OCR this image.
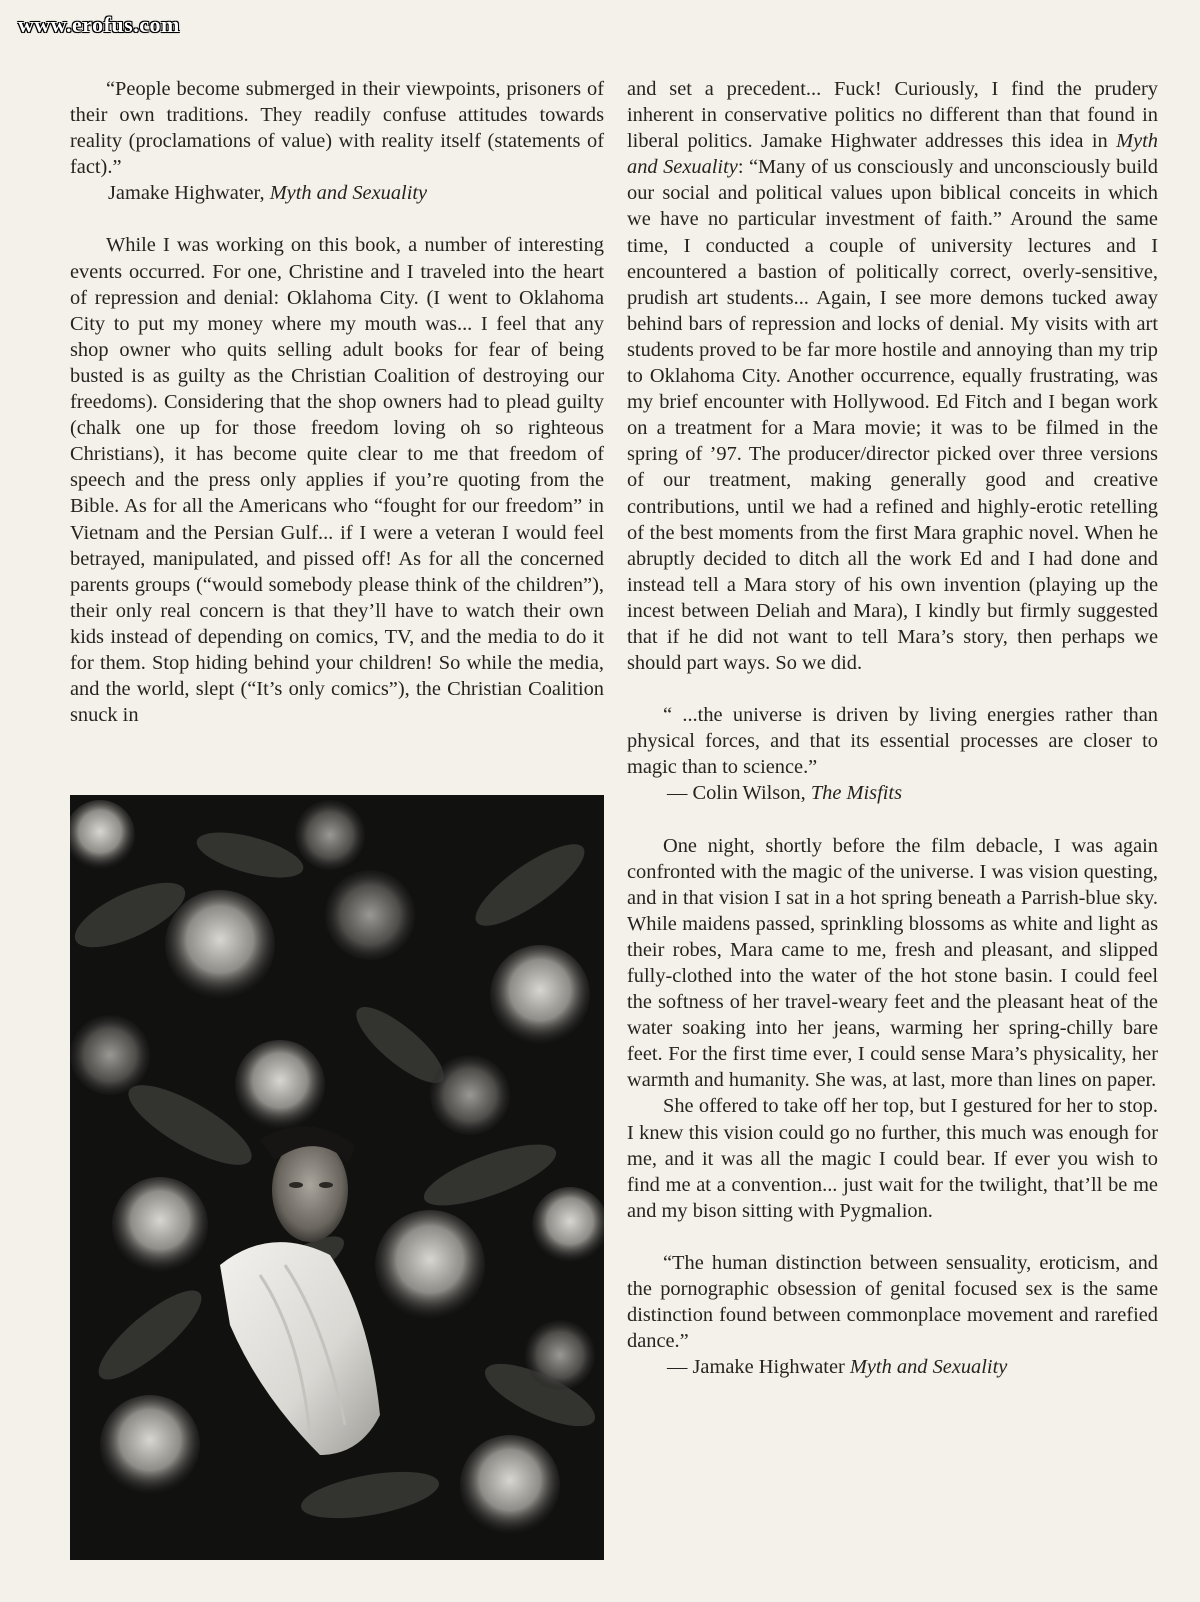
www.erofus.com

“People become submerged in their viewpoints, prisoners of their own traditions. They readily confuse attitudes towards reality (proclamations of value) with reality itself (statements of fact).”

Jamake Highwater, Myth and Sexuality

While I was working on this book, a number of interesting events occurred. For one, Christine and I traveled into the heart of repression and denial: Oklahoma City. (I went to Oklahoma City to put my money where my mouth was... I feel that any shop owner who quits selling adult books for fear of being busted is as guilty as the Christian Coalition of destroying our freedoms). Considering that the shop owners had to plead guilty (chalk one up for those freedom loving oh so righteous Christians), it has become quite clear to me that freedom of speech and the press only applies if you’re quoting from the Bible. As for all the Americans who “fought for our freedom” in Vietnam and the Persian Gulf... if I were a veteran I would feel betrayed, manipulated, and pissed off! As for all the concerned parents groups (“would somebody please think of the children”), their only real concern is that they’ll have to watch their own kids instead of depending on comics, TV, and the media to do it for them. Stop hiding behind your children! So while the media, and the world, slept (“It’s only comics”), the Christian Coalition snuck in

and set a precedent... Fuck! Curiously, I find the prudery inherent in conservative politics no different than that found in liberal politics. Jamake Highwater addresses this idea in Myth and Sexuality: “Many of us consciously and unconsciously build our social and political values upon biblical conceits in which we have no particular investment of faith.” Around the same time, I conducted a couple of university lectures and I encountered a bastion of politically correct, overly-sensitive, prudish art students... Again, I see more demons tucked away behind bars of repression and locks of denial. My visits with art students proved to be far more hostile and annoying than my trip to Oklahoma City. Another occurrence, equally frustrating, was my brief encounter with Hollywood. Ed Fitch and I began work on a treatment for a Mara movie; it was to be filmed in the spring of ’97. The producer/director picked over three versions of our treatment, making generally good and creative contributions, until we had a refined and highly-erotic retelling of the best moments from the first Mara graphic novel. When he abruptly decided to ditch all the work Ed and I had done and instead tell a Mara story of his own invention (playing up the incest between Deliah and Mara), I kindly but firmly suggested that if he did not want to tell Mara’s story, then perhaps we should part ways. So we did.

“ ...the universe is driven by living energies rather than physical forces, and that its essential processes are closer to magic than to science.”

— Colin Wilson, The Misfits

One night, shortly before the film debacle, I was again confronted with the magic of the universe. I was vision questing, and in that vision I sat in a hot spring beneath a Parrish-blue sky. While maidens passed, sprinkling blossoms as white and light as their robes, Mara came to me, fresh and pleasant, and slipped fully-clothed into the water of the hot stone basin. I could feel the softness of her travel-weary feet and the pleasant heat of the water soaking into her jeans, warming her spring-chilly bare feet. For the first time ever, I could sense Mara’s physicality, her warmth and humanity. She was, at last, more than lines on paper.

She offered to take off her top, but I gestured for her to stop. I knew this vision could go no further, this much was enough for me, and it was all the magic I could bear. If ever you wish to find me at a convention... just wait for the twilight, that’ll be me and my bison sitting with Pygmalion.

“The human distinction between sensuality, eroticism, and the pornographic obsession of genital focused sex is the same distinction found between commonplace movement and rarefied dance.”

— Jamake Highwater Myth and Sexuality
